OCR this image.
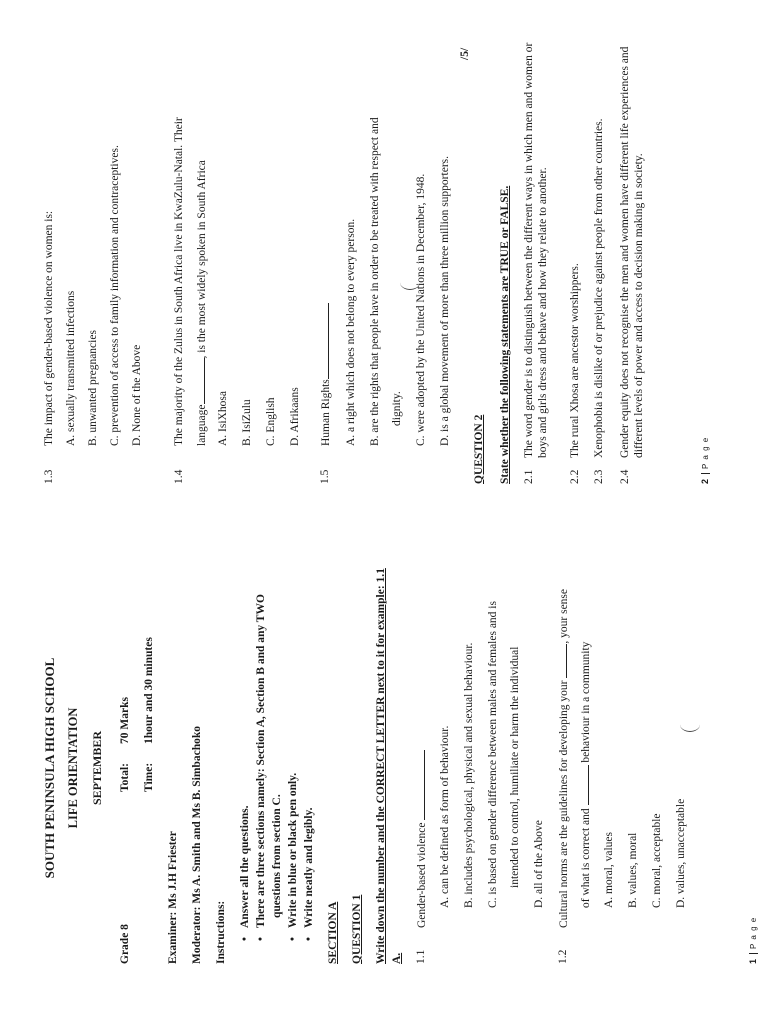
SOUTH PENINSULA HIGH SCHOOL LIFE ORIENTATION SEPTEMBER
Grade 8
Total:
70 Marks
Time:
1hour and 30 minutes
Examiner: Ms J.H Friester Moderator: Ms A. Smith and Ms B. Simbachoko Instructions:
• Answer all the questions. • There are three sections namely: Section A, Section B and any TWO questions from section C. • Write in blue or black pen only. • Write neatly and legibly.
SECTION A QUESTION 1 Write down the number and the CORRECT LETTER next to it for example: 1.1 A. 1.1
Gender-based violence A. can be defined as form of behaviour. B. includes psychological, physical and sexual behaviour. C. is based on gender difference between males and females and is intended to control, humiliate or harm the individual D. all of the Above
1.2
Cultural norms are the guidelines for developing your , your sense
of what is correct and  behaviour in a community
A. moral, values B. values, moral C. moral, acceptable D. values, unacceptable
1P a g e
1.3
The impact of gender-based violence on women is: A. sexually transmitted infections B. unwanted pregnancies C. prevention of access to family information and contraceptives. D. None of the Above
1.4
The majority of the Zulus in South Africa live in KwaZulu-Natal. Their language, is the most widely spoken in South Africa
A. IsiXhosa B. IsiZulu C. English D. Afrikaans
1.5
Human Rights A. a right which does not belong to every person. B. are the rights that people have in order to be treated with respect and dignity. C. were adopted by the United Nations in December, 1948. D. is a global movement of more than three million supporters.
/5/
QUESTION 2 State whether the following statements are TRUE or FALSE. 2.1
The word gender is to distinguish between the different ways in which men and women or boys and girls dress and behave and how they relate to another.
2.2
The rural Xhosa are ancestor worshippers.
2.3
Xenophobia is dislike of or prejudice against people from other countries.
2.4
Gender equity does not recognise the men and women have different life experiences and different levels of power and access to decision making in society.
2P a g e
